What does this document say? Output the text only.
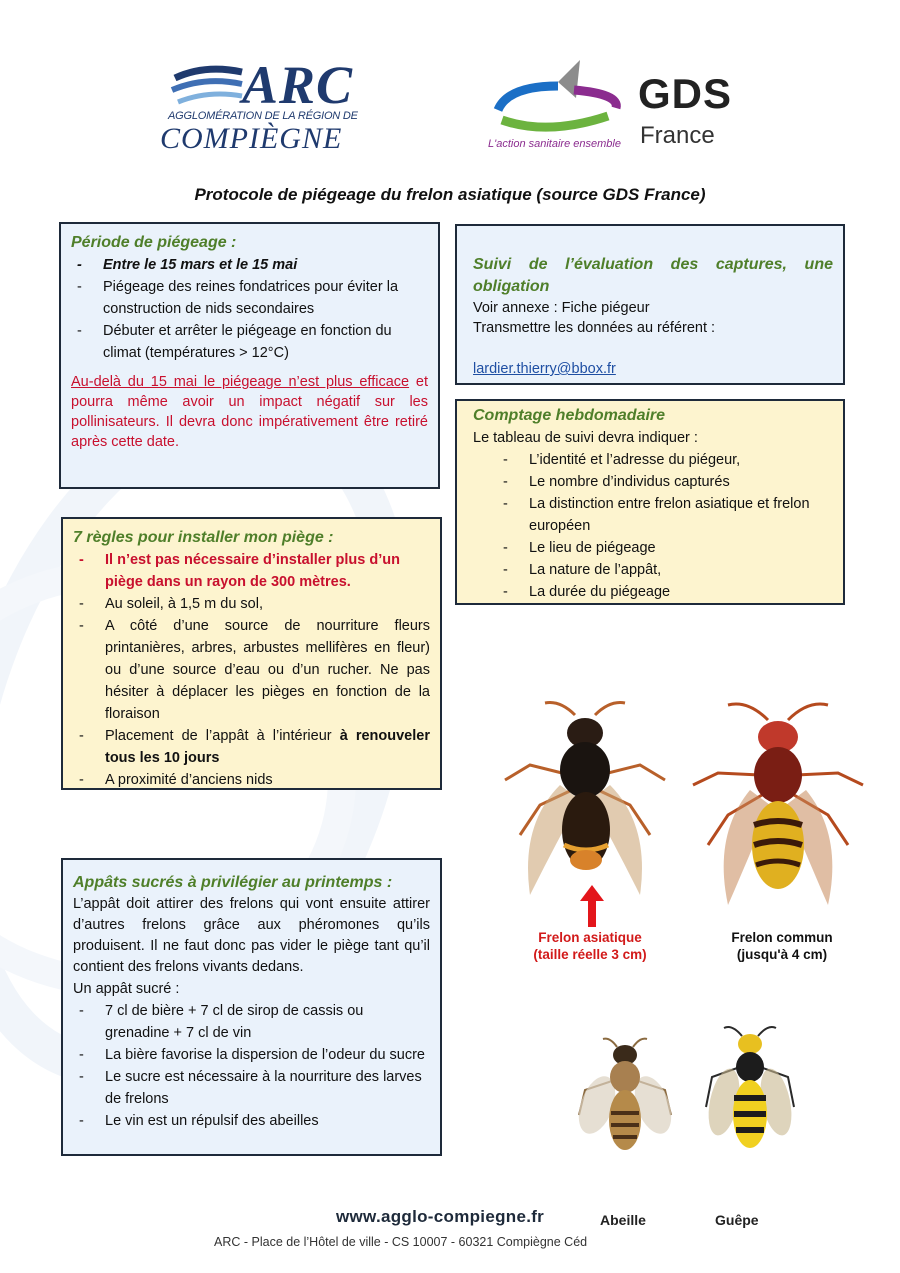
ARC
AGGLOMÉRATION DE LA RÉGION DE
COMPIÈGNE
GDS
France
L'action sanitaire ensemble
Protocole de piégeage du frelon asiatique (source GDS France)
Période de piégeage :
- Entre le 15 mars et le 15 mai
- Piégeage des reines fondatrices pour éviter la construction de nids secondaires
- Débuter et arrêter le piégeage en fonction du climat (températures > 12°C)
Au-delà du 15 mai le piégeage n’est plus efficace et pourra même avoir un impact négatif sur les pollinisateurs. Il devra donc impérativement être retiré après cette date.
Suivi de l’évaluation des captures, une obligation
Voir annexe : Fiche piégeur
Transmettre les données au référent :
lardier.thierry@bbox.fr
Comptage hebdomadaire
Le tableau de suivi devra indiquer :
- L’identité et l’adresse du piégeur,
- Le nombre d’individus capturés
- La distinction entre frelon asiatique et frelon européen
- Le lieu de piégeage
- La nature de l’appât,
- La durée du piégeage
7 règles pour installer mon piège :
- Il n’est pas nécessaire d’installer plus d’un piège dans un rayon de 300 mètres.
- Au soleil, à 1,5 m du sol,
- A côté d’une source de nourriture fleurs printanières, arbres, arbustes mellifères en fleur) ou d’une source d’eau ou d’un rucher. Ne pas hésiter à déplacer les pièges en fonction de la floraison
- Placement de l’appât à l’intérieur à renouveler tous les 10 jours
- A proximité d’anciens nids
Appâts sucrés à privilégier au printemps :
L’appât doit attirer des frelons qui vont ensuite attirer d’autres frelons grâce aux phéromones qu’ils produisent. Il ne faut donc pas vider le piège tant qu’il contient des frelons vivants dedans.
Un appât sucré :
- 7 cl de bière + 7 cl de sirop de cassis ou grenadine + 7 cl de vin
- La bière favorise la dispersion de l’odeur du sucre
- Le sucre est nécessaire à la nourriture des larves de frelons
- Le vin est un répulsif des abeilles
Frelon asiatique
(taille réelle 3 cm)
Frelon commun
(jusqu'à 4 cm)
Abeille	Guêpe
www.agglo-compiegne.fr
ARC - Place de l’Hôtel de ville - CS 10007 - 60321 Compiègne Céd
